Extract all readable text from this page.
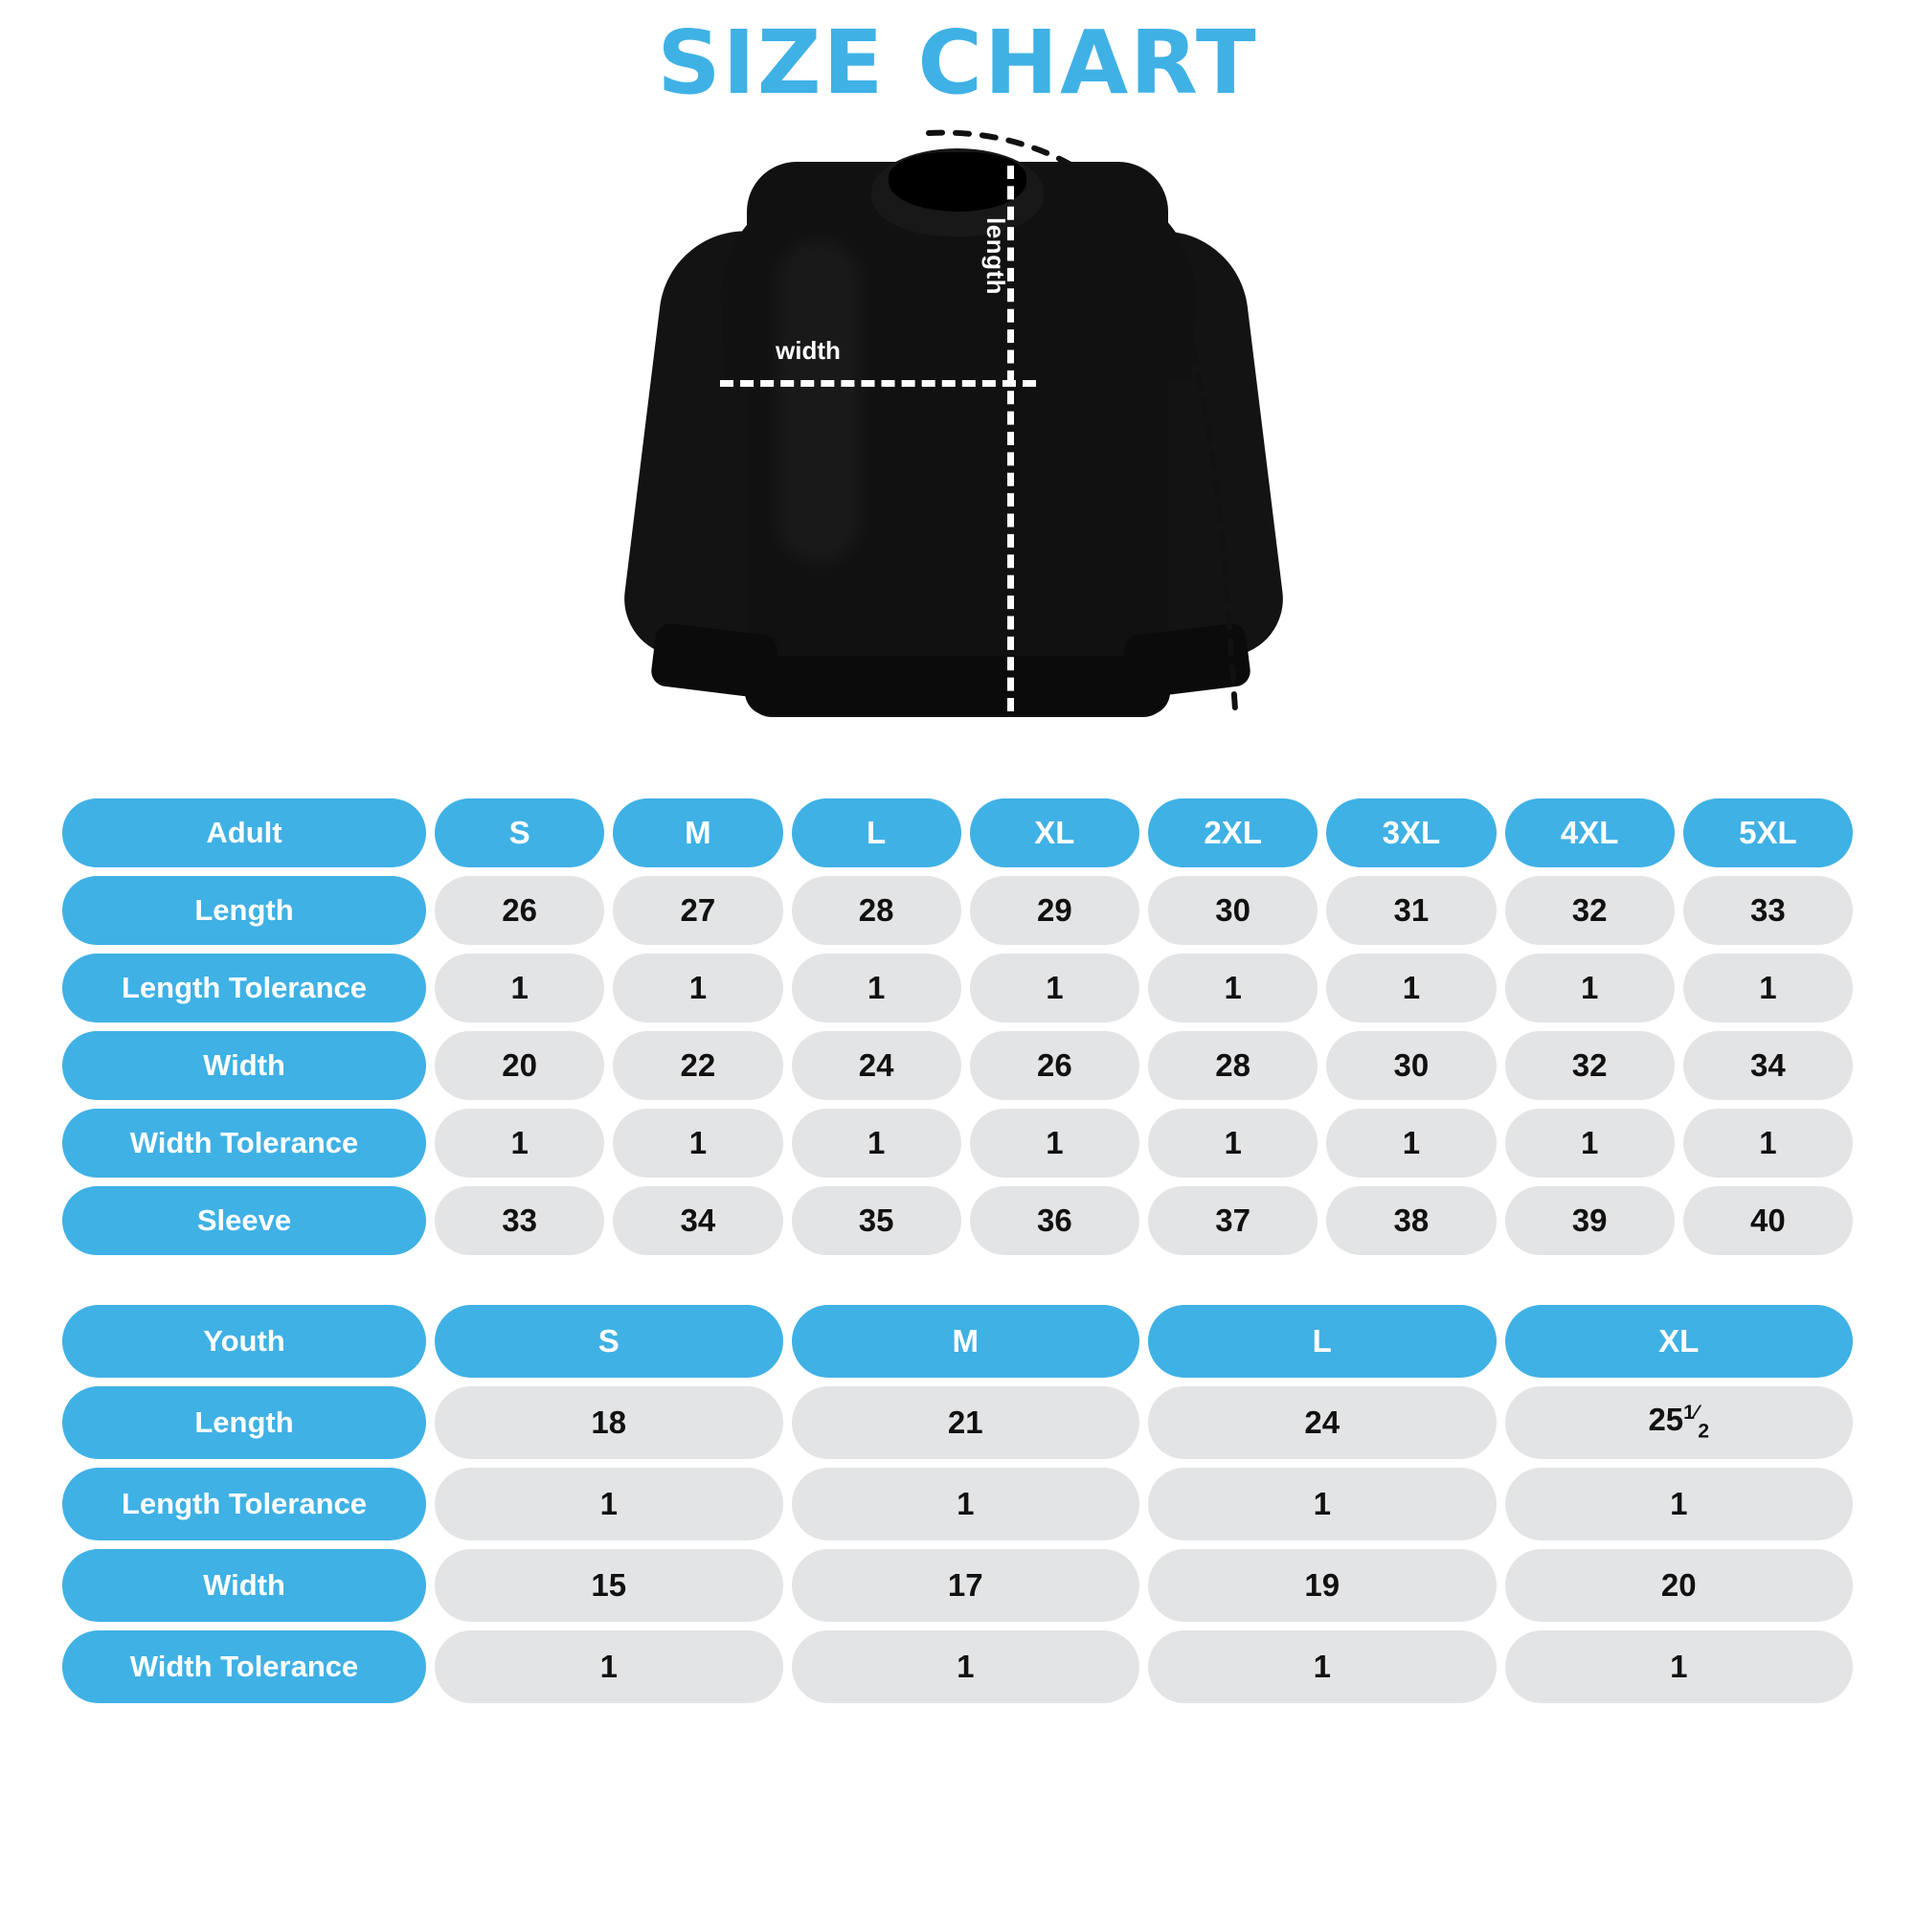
SIZE CHART
length
width
sleeve
Adult	S	M	L	XL	2XL	3XL	4XL	5XL
Length	26	27	28	29	30	31	32	33
Length Tolerance	1	1	1	1	1	1	1	1
Width	20	22	24	26	28	30	32	34
Width Tolerance	1	1	1	1	1	1	1	1
Sleeve	33	34	35	36	37	38	39	40
Youth	S	M	L	XL
Length	18	21	24	$25^{1⁄}_2$
Length Tolerance	1	1	1	1
Width	15	17	19	20
Width Tolerance	1	1	1	1
